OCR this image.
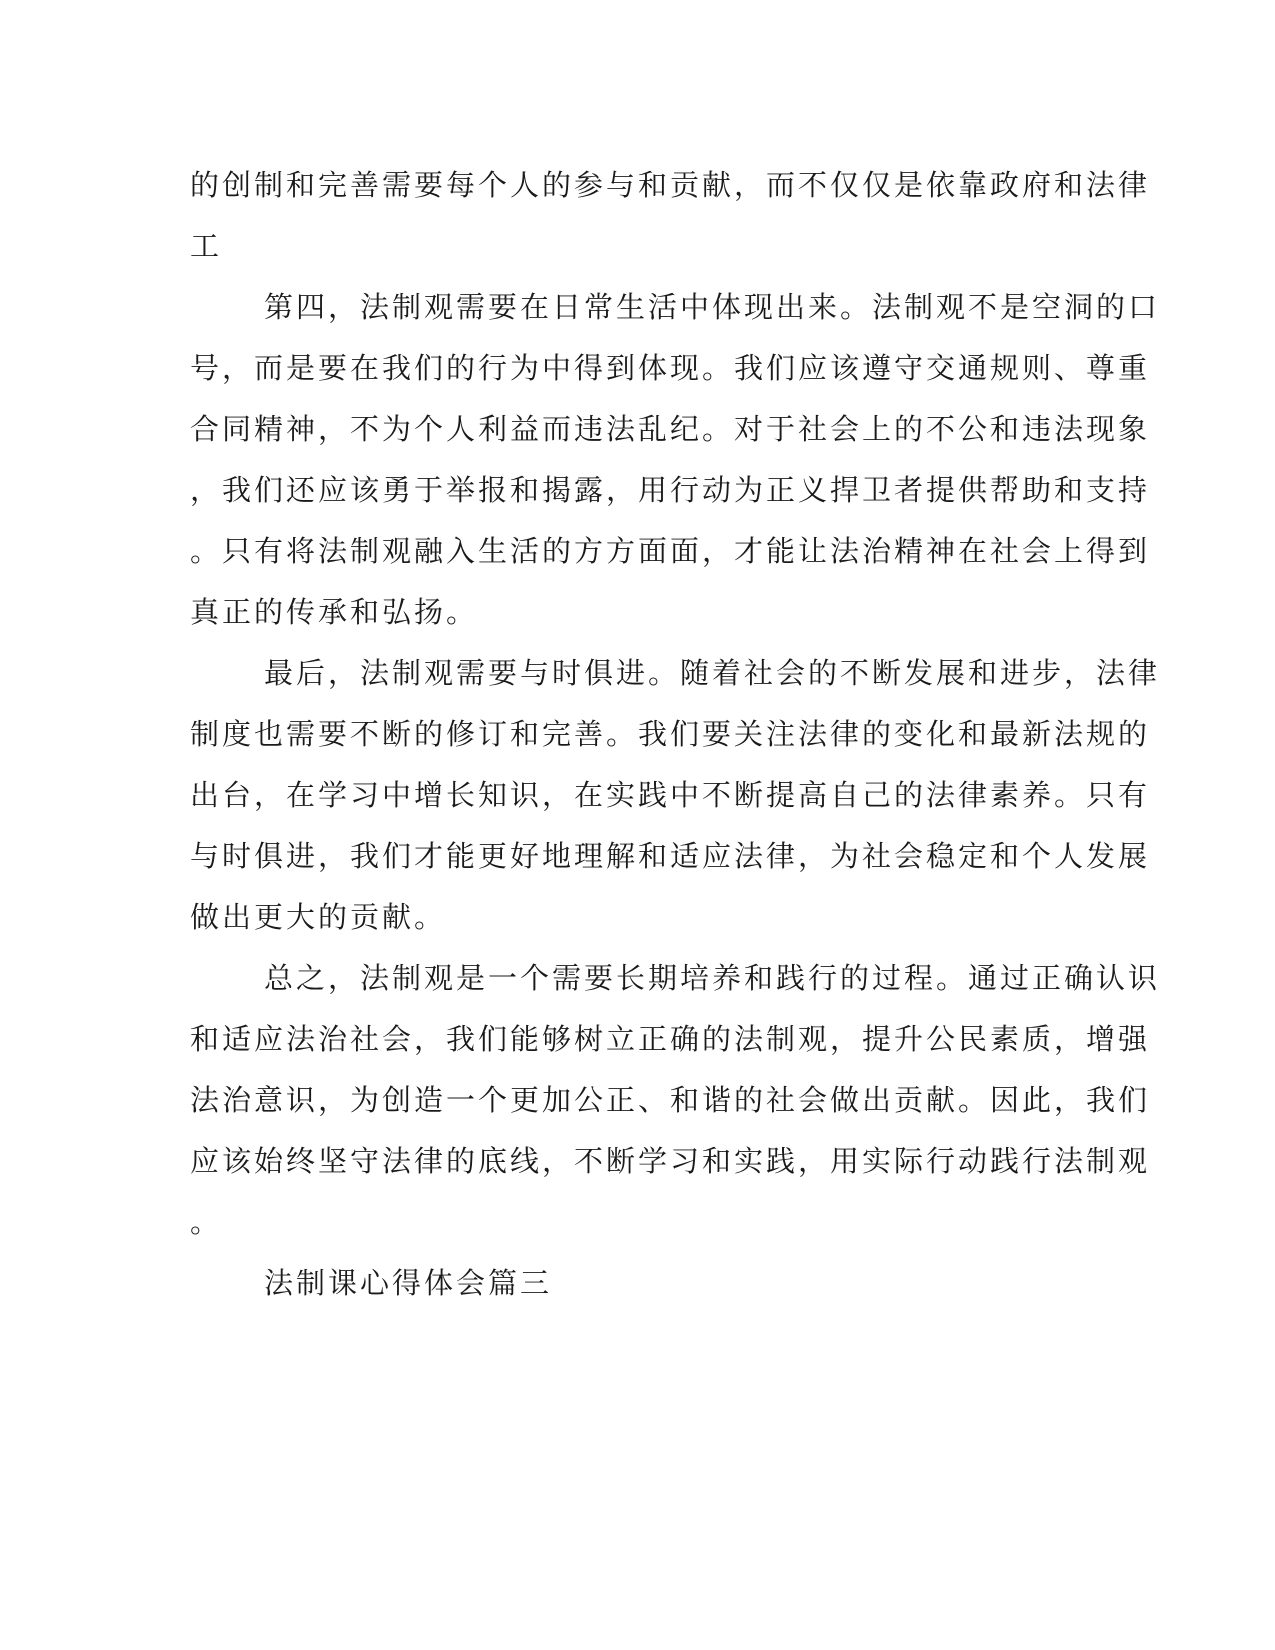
的创制和完善需要每个人的参与和贡献，而不仅仅是依靠政府和法律
工
第四，法制观需要在日常生活中体现出来。法制观不是空洞的口
号，而是要在我们的行为中得到体现。我们应该遵守交通规则、尊重
合同精神，不为个人利益而违法乱纪。对于社会上的不公和违法现象
，我们还应该勇于举报和揭露，用行动为正义捍卫者提供帮助和支持
。只有将法制观融入生活的方方面面，才能让法治精神在社会上得到
真正的传承和弘扬。
最后，法制观需要与时俱进。随着社会的不断发展和进步，法律
制度也需要不断的修订和完善。我们要关注法律的变化和最新法规的
出台，在学习中增长知识，在实践中不断提高自己的法律素养。只有
与时俱进，我们才能更好地理解和适应法律，为社会稳定和个人发展
做出更大的贡献。
总之，法制观是一个需要长期培养和践行的过程。通过正确认识
和适应法治社会，我们能够树立正确的法制观，提升公民素质，增强
法治意识，为创造一个更加公正、和谐的社会做出贡献。因此，我们
应该始终坚守法律的底线，不断学习和实践，用实际行动践行法制观
。
法制课心得体会篇三
